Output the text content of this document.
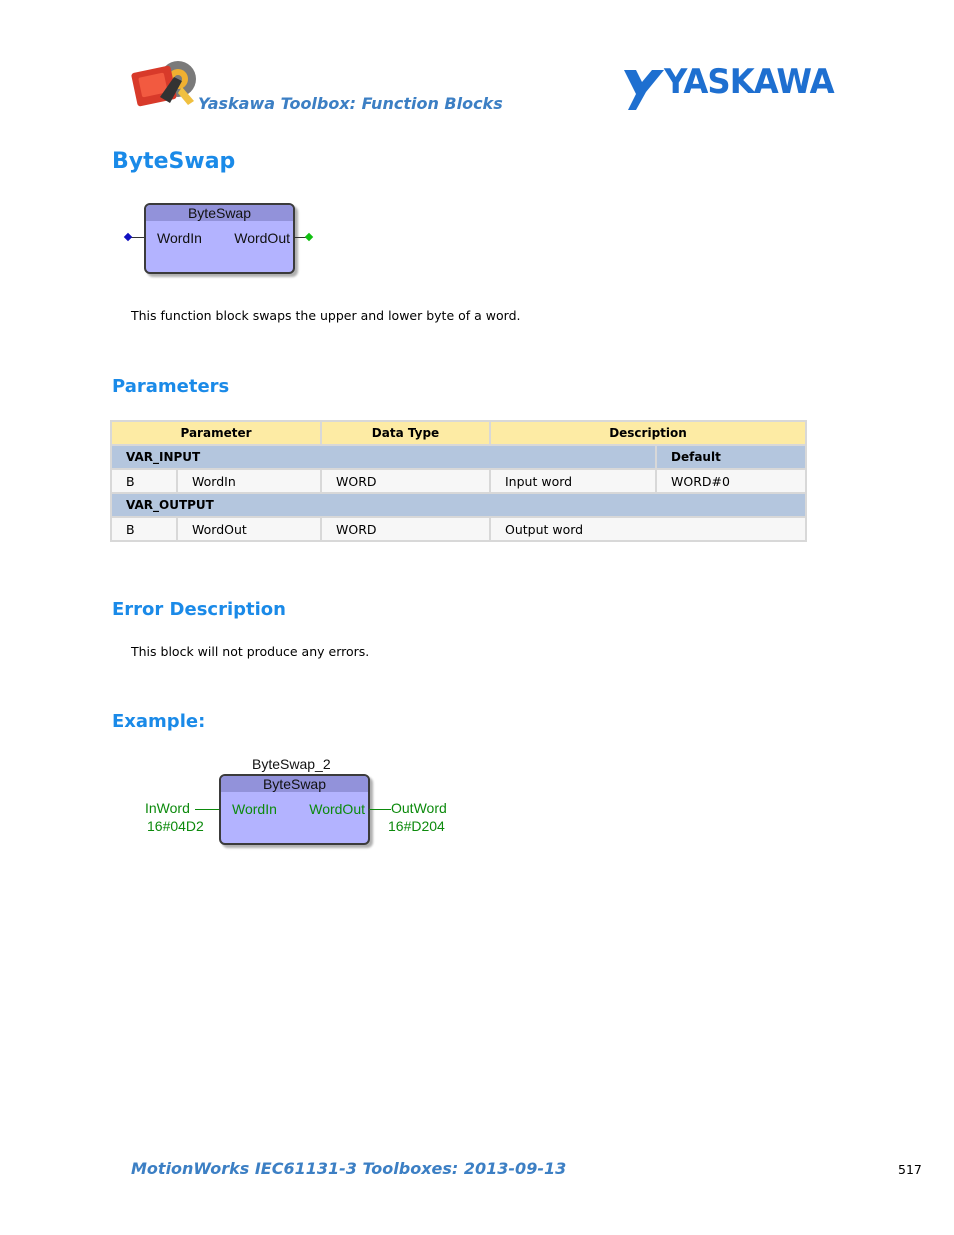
Yaskawa Toolbox: Function Blocks
YASKAWA
ByteSwap
ByteSwap
WordIn WordOut
This function block swaps the upper and lower byte of a word.
Parameters
Parameter		Data Type	Description	
VAR_INPUT				Default
B	WordIn	WORD	Input word	WORD#0
VAR_OUTPUT				
B	WordOut	WORD	Output word	
Error Description
This block will not produce any errors.
Example:
ByteSwap_2
ByteSwap
WordIn WordOut
InWord
16#04D2
OutWord
16#D204
MotionWorks IEC61131-3 Toolboxes: 2013-09-13	517
